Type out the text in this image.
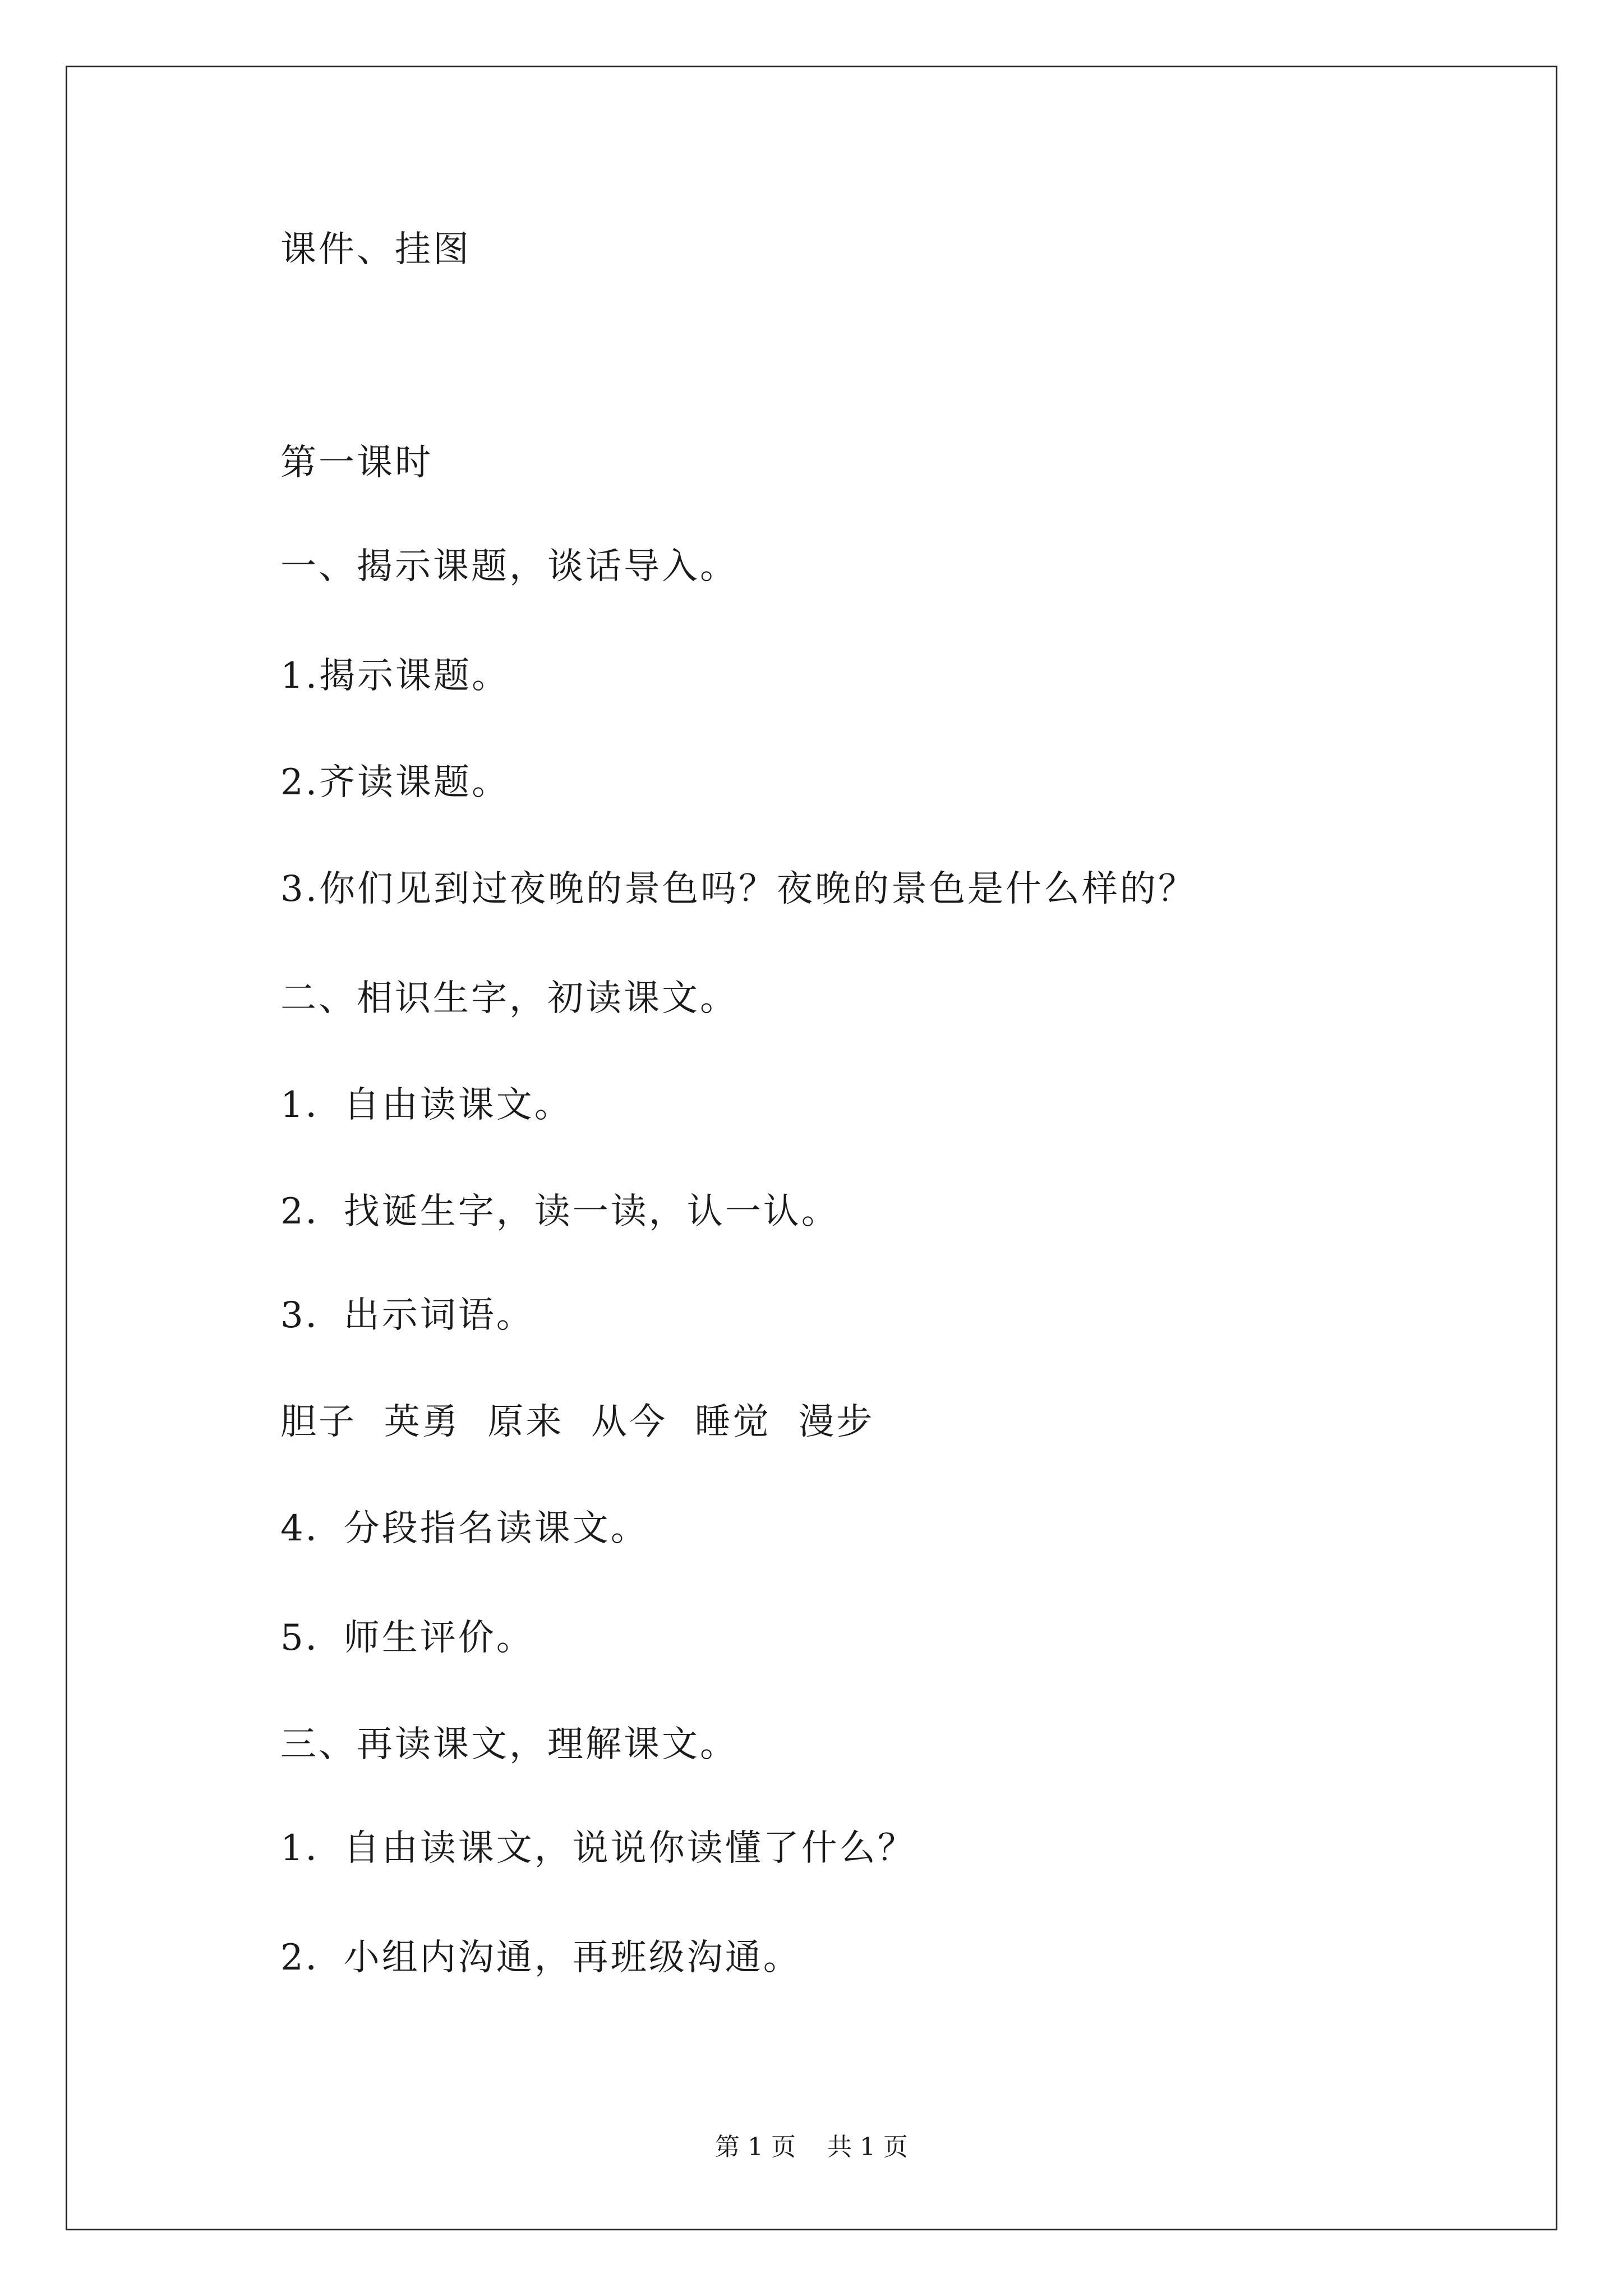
课件、挂图
第一课时
一、揭示课题，谈话导入。
1.揭示课题。
2.齐读课题。
3.你们见到过夜晚的景色吗？夜晚的景色是什么样的？
二、相识生字，初读课文。
1．自由读课文。
2．找诞生字，读一读，认一认。
3．出示词语。
胆子  英勇  原来  从今  睡觉  漫步
4．分段指名读课文。
5．师生评价。
三、再读课文，理解课文。
1．自由读课文，说说你读懂了什么？
2．小组内沟通，再班级沟通。
第 1 页    共 1 页
